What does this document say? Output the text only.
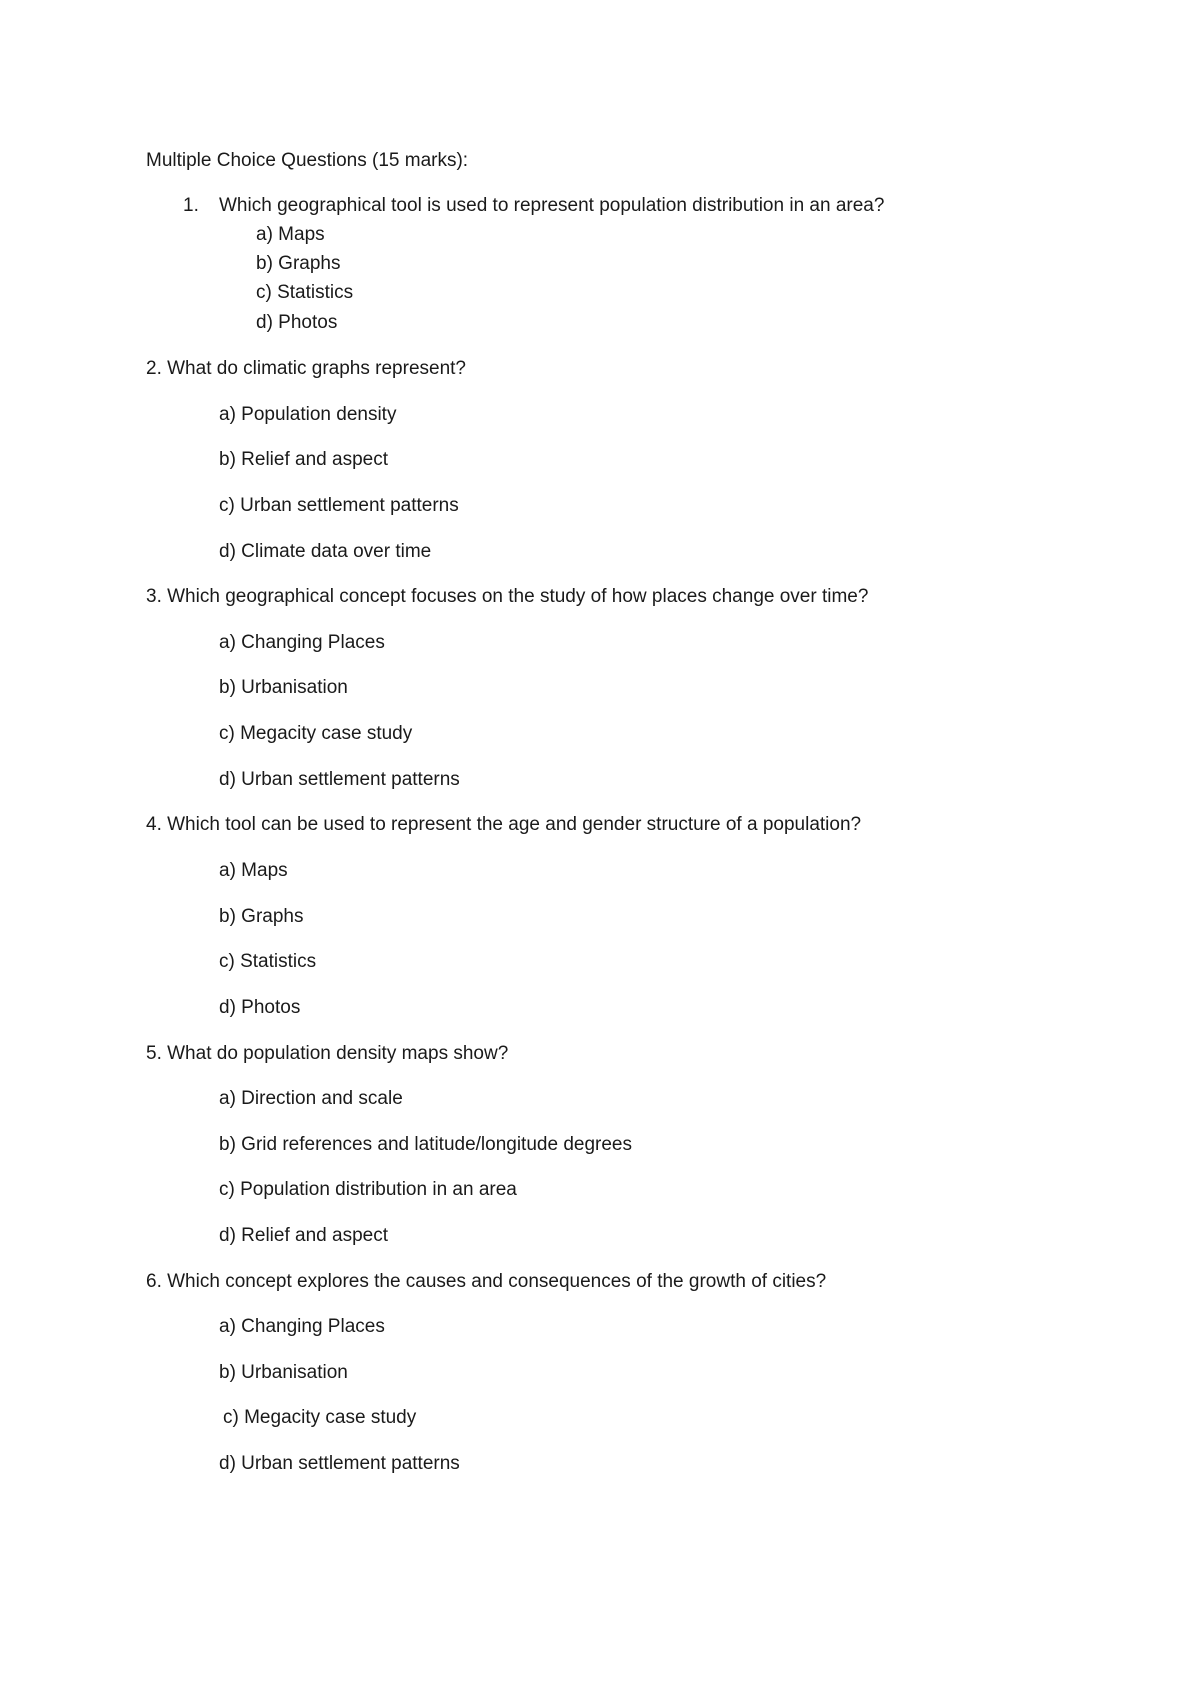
Multiple Choice Questions (15 marks):
1. Which geographical tool is used to represent population distribution in an area?
a) Maps
b) Graphs
c) Statistics
d) Photos
2. What do climatic graphs represent?
a) Population density
b) Relief and aspect
c) Urban settlement patterns
d) Climate data over time
3. Which geographical concept focuses on the study of how places change over time?
a) Changing Places
b) Urbanisation
c) Megacity case study
d) Urban settlement patterns
4. Which tool can be used to represent the age and gender structure of a population?
a) Maps
b) Graphs
c) Statistics
d) Photos
5. What do population density maps show?
a) Direction and scale
b) Grid references and latitude/longitude degrees
c) Population distribution in an area
d) Relief and aspect
6. Which concept explores the causes and consequences of the growth of cities?
a) Changing Places
b) Urbanisation
c) Megacity case study
d) Urban settlement patterns
